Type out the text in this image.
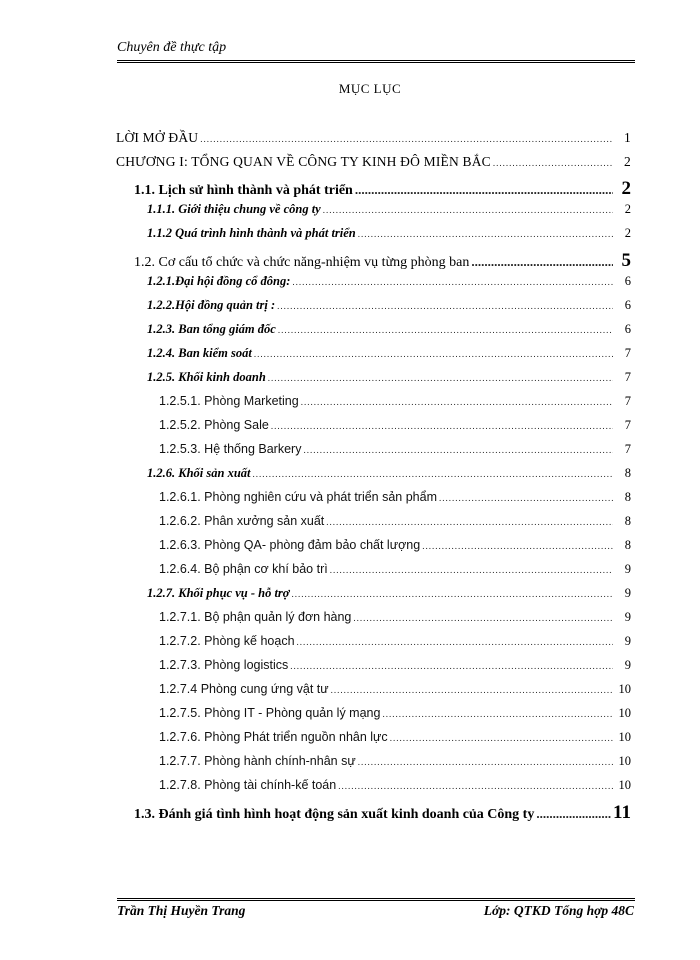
Chuyên đề thực tập
MỤC LỤC
LỜI MỞ ĐẦU .....	1
CHƯƠNG I: TỔNG QUAN VỀ CÔNG TY KINH ĐÔ MIỀN BẮC .....	2
1.1. Lịch sử hình thành và phát triển .....	2
1.1.1. Giới thiệu chung về công ty .....	2
1.1.2 Quá trình hình thành và phát triển .....	2
1.2. Cơ cấu tổ chức và chức năng-nhiệm vụ từng phòng ban .....	5
1.2.1.Đại hội đồng cổ đông: .....	6
1.2.2.Hội đồng quản trị : .....	6
1.2.3. Ban tổng giám đốc .....	6
1.2.4. Ban kiểm soát .....	7
1.2.5. Khối kinh doanh .....	7
1.2.5.1. Phòng Marketing .....	7
1.2.5.2. Phòng Sale .....	7
1.2.5.3. Hệ thống Barkery .....	7
1.2.6. Khối sản xuất .....	8
1.2.6.1. Phòng nghiên cứu và phát triển sản phẩm .....	8
1.2.6.2. Phân xưởng sản xuất .....	8
1.2.6.3. Phòng QA- phòng đảm bảo chất lượng .....	8
1.2.6.4. Bộ phận cơ khí bảo trì .....	9
1.2.7. Khối phục vụ - hỗ trợ .....	9
1.2.7.1. Bộ phận quản lý đơn hàng .....	9
1.2.7.2. Phòng kế hoạch .....	9
1.2.7.3. Phòng logistics .....	9
1.2.7.4 Phòng cung ứng vật tư .....	10
1.2.7.5. Phòng IT - Phòng quản lý mạng .....	10
1.2.7.6. Phòng Phát triển nguồn nhân lực .....	10
1.2.7.7. Phòng hành chính-nhân sự .....	10
1.2.7.8. Phòng tài chính-kế toán .....	10
1.3. Đánh giá tình hình hoạt động sản xuất kinh doanh của Công ty .....	11
Trần Thị Huyền Trang	Lớp: QTKD Tổng hợp 48C
